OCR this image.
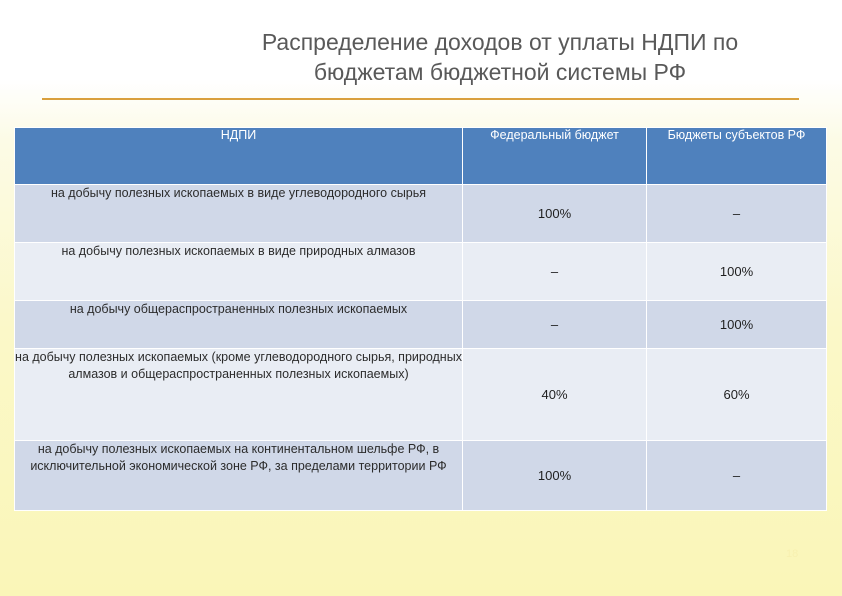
Распределение доходов от уплаты НДПИ по
бюджетам бюджетной системы РФ
НДПИ	Федеральный бюджет	Бюджеты субъектов РФ
на добычу полезных ископаемых в виде углеводородного сырья	100%	–
на добычу полезных ископаемых в виде природных алмазов	–	100%
на добычу общераспространенных полезных ископаемых	–	100%
на добычу полезных ископаемых (кроме углеводородного сырья, природных алмазов и общераспространенных полезных ископаемых)	40%	60%
на добычу полезных ископаемых на континентальном шельфе РФ, в исключительной экономической зоне РФ, за пределами территории РФ	100%	–
18
